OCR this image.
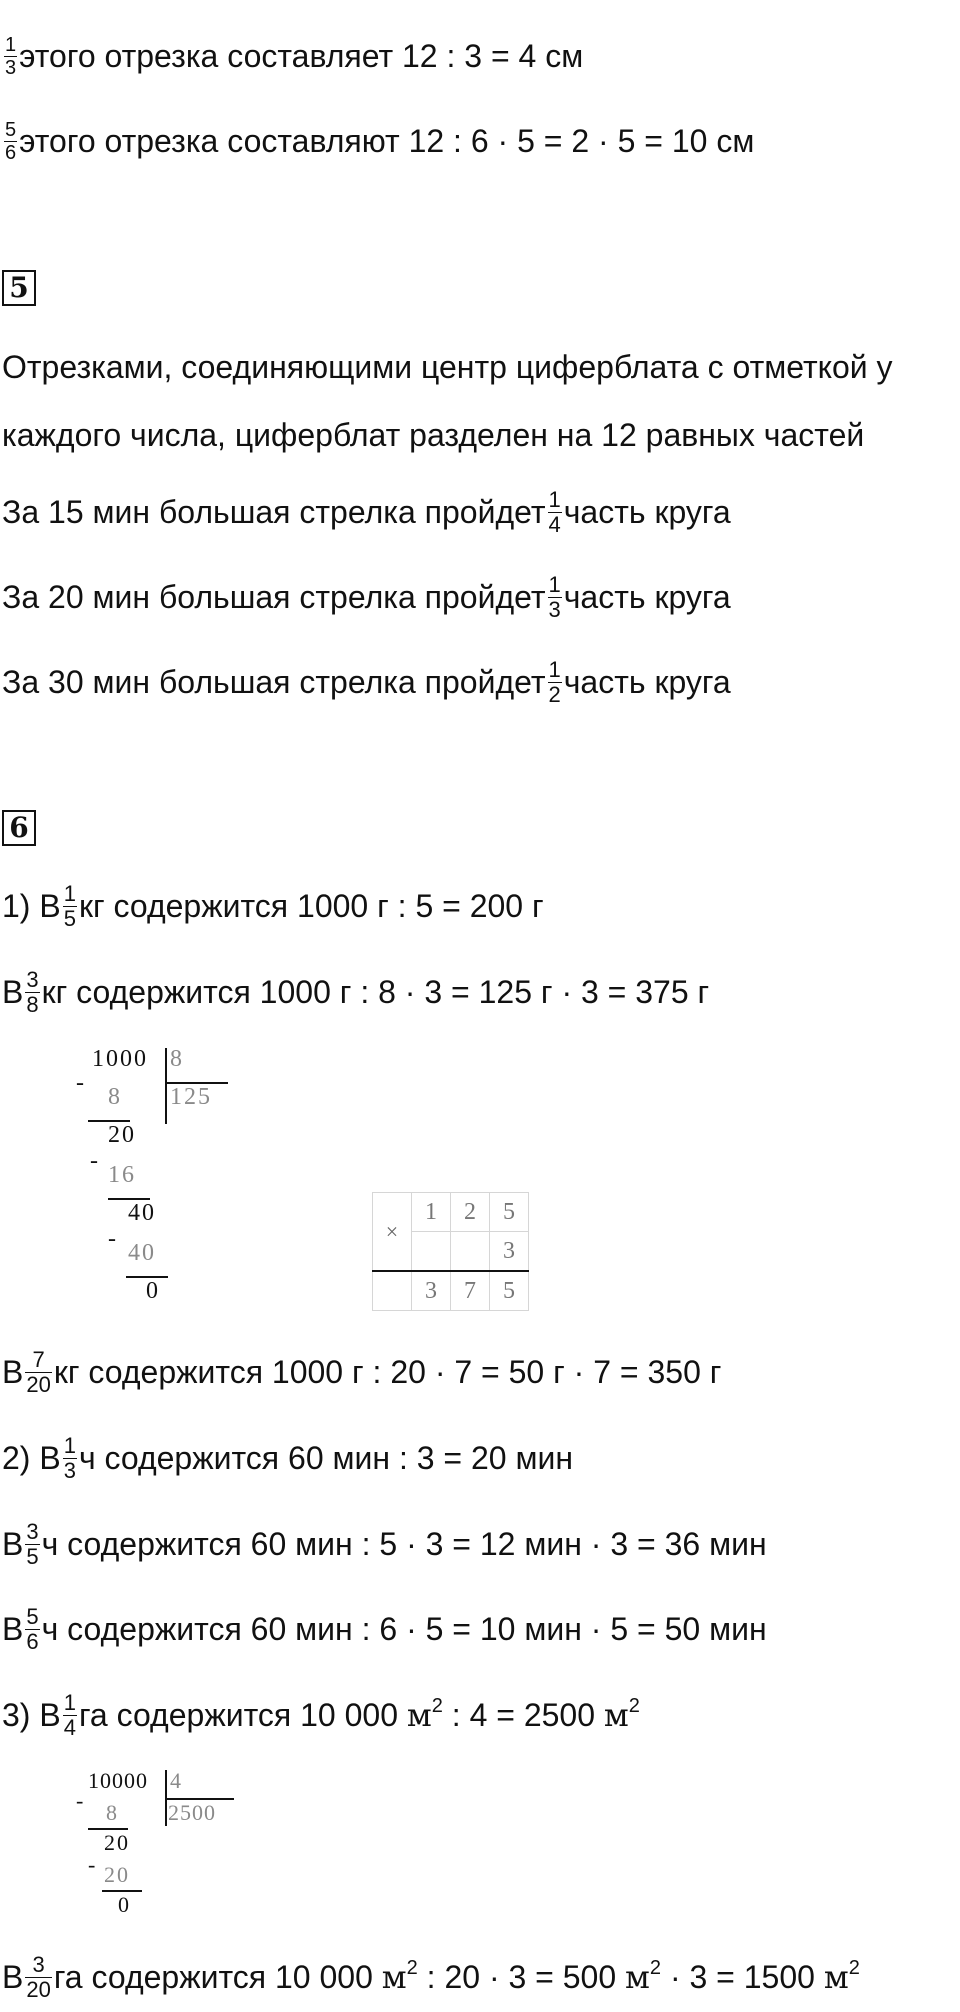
$\frac{1}{3}$ этого отрезка составляет 12 : 3 = 4 см
$\frac{5}{6}$ этого отрезка составляют 12 : 6 · 5 = 2 · 5 = 10 см
5
Отрезками, соединяющими центр циферблата с отметкой у
каждого числа, циферблат разделен на 12 равных частей
За 15 мин большая стрелка пройдет $\frac{1}{4}$ часть круга
За 20 мин большая стрелка пройдет $\frac{1}{3}$ часть круга
За 30 мин большая стрелка пройдет $\frac{1}{2}$ часть круга
6
1) В $\frac{1}{5}$ кг содержится 1000 г : 5 = 200 г
В $\frac{3}{8}$ кг содержится 1000 г : 8 · 3 = 125 г · 3 = 375 г
1000 8
125
-
8
20
-
16
40
-
40
0
×	1	2	5
			3
	3	7	5
В $\frac{7}{20}$ кг содержится 1000 г : 20 · 7 = 50 г · 7 = 350 г
2) В $\frac{1}{3}$ ч содержится 60 мин : 3 = 20 мин
В $\frac{3}{5}$ ч содержится 60 мин : 5 · 3 = 12 мин · 3 = 36 мин
В $\frac{5}{6}$ ч содержится 60 мин : 6 · 5 = 10 мин · 5 = 50 мин
3) В $\frac{1}{4}$ га содержится 10 000 $м^2$ : 4 = 2500 $м^2$
10000 4
2500
- 8
20
- 20
0
В $\frac{3}{20}$ га содержится 10 000 $м^2$ : 20 · 3 = 500 $м^2 \cdot 3 = 1500$ $м^2$
